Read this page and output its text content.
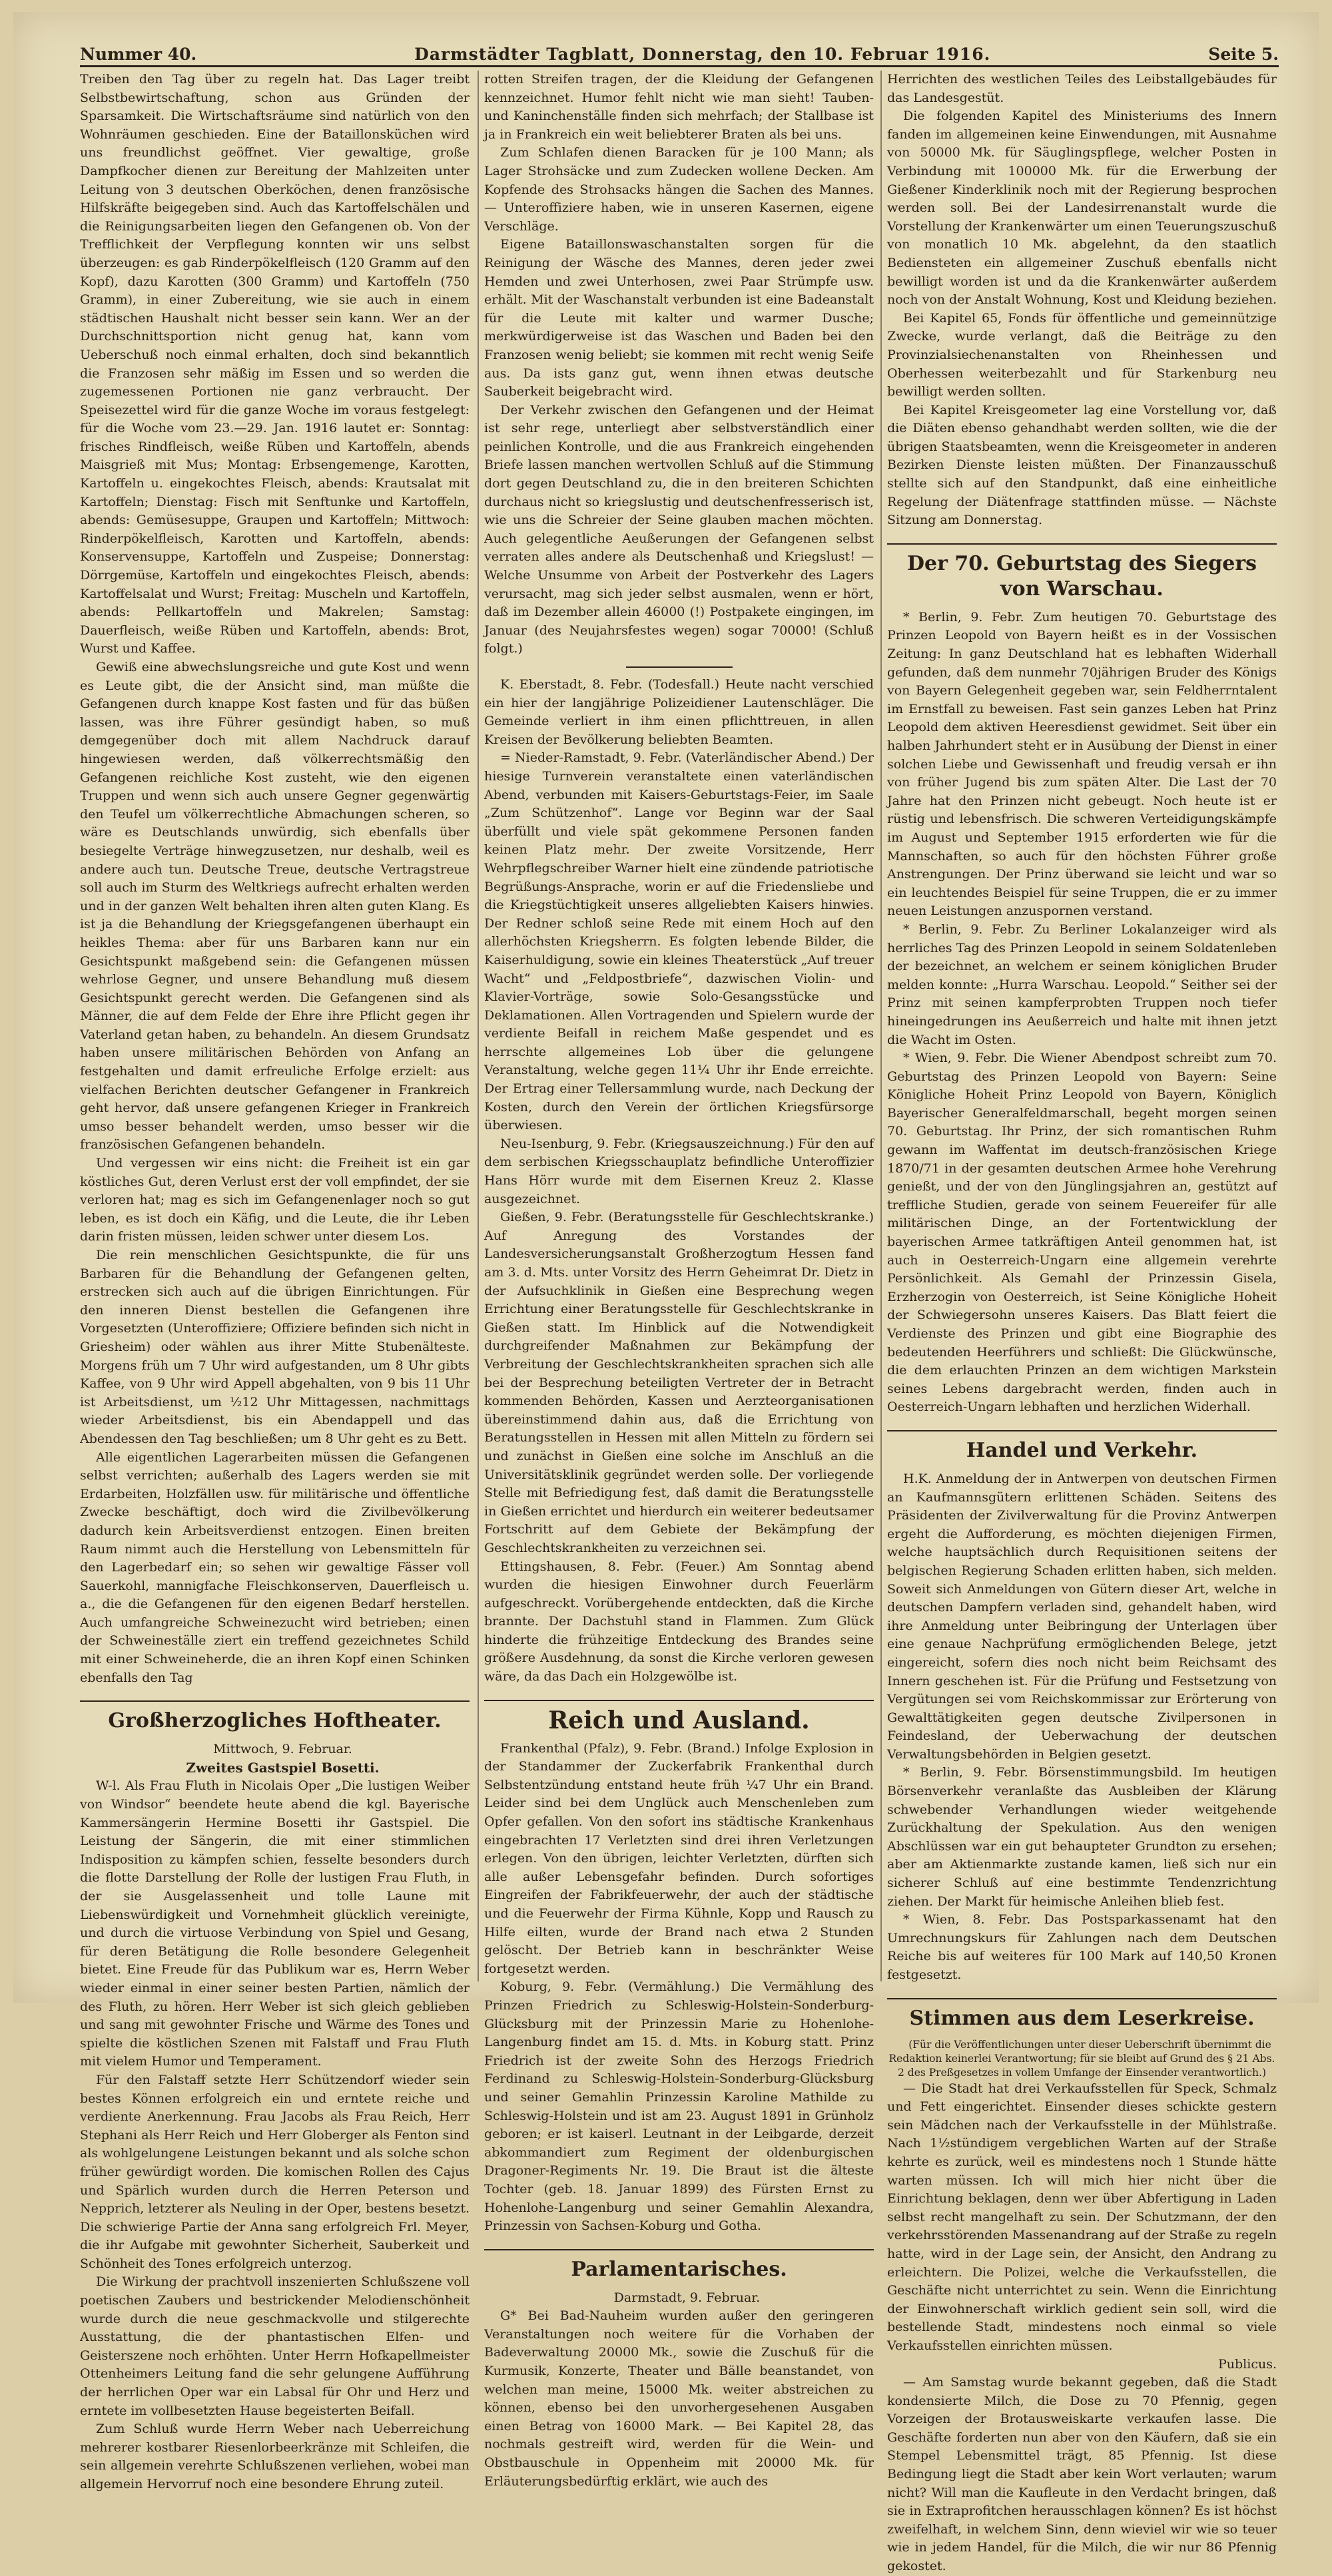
Nummer 40.	Darmstädter Tagblatt, Donnerstag, den 10. Februar 1916.	Seite 5.

Treiben den Tag über zu regeln hat. Das Lager treibt Selbstbewirtschaftung, schon aus Gründen der Sparsamkeit. Die Wirtschaftsräume sind natürlich von den Wohnräumen geschieden. Eine der Bataillonsküchen wird uns freundlichst geöffnet. Vier gewaltige, große Dampfkocher dienen zur Bereitung der Mahlzeiten unter Leitung von 3 deutschen Oberköchen, denen französische Hilfskräfte beigegeben sind. Auch das Kartoffelschälen und die Reinigungsarbeiten liegen den Gefangenen ob. Von der Trefflichkeit der Verpflegung konnten wir uns selbst überzeugen: es gab Rinderpökelfleisch (120 Gramm auf den Kopf), dazu Karotten (300 Gramm) und Kartoffeln (750 Gramm), in einer Zubereitung, wie sie auch in einem städtischen Haushalt nicht besser sein kann. Wer an der Durchschnittsportion nicht genug hat, kann vom Ueberschuß noch einmal erhalten, doch sind bekanntlich die Franzosen sehr mäßig im Essen und so werden die zugemessenen Portionen nie ganz verbraucht. Der Speisezettel wird für die ganze Woche im voraus festgelegt: für die Woche vom 23.—29. Jan. 1916 lautet er: Sonntag: frisches Rindfleisch, weiße Rüben und Kartoffeln, abends Maisgrieß mit Mus; Montag: Erbsengemenge, Karotten, Kartoffeln u. eingekochtes Fleisch, abends: Krautsalat mit Kartoffeln; Dienstag: Fisch mit Senftunke und Kartoffeln, abends: Gemüsesuppe, Graupen und Kartoffeln; Mittwoch: Rinderpökelfleisch, Karotten und Kartoffeln, abends: Konservensuppe, Kartoffeln und Zuspeise; Donnerstag: Dörrgemüse, Kartoffeln und eingekochtes Fleisch, abends: Kartoffelsalat und Wurst; Freitag: Muscheln und Kartoffeln, abends: Pellkartoffeln und Makrelen; Samstag: Dauerfleisch, weiße Rüben und Kartoffeln, abends: Brot, Wurst und Kaffee.

Gewiß eine abwechslungsreiche und gute Kost und wenn es Leute gibt, die der Ansicht sind, man müßte die Gefangenen durch knappe Kost fasten und für das büßen lassen, was ihre Führer gesündigt haben, so muß demgegenüber doch mit allem Nachdruck darauf hingewiesen werden, daß völkerrechtsmäßig den Gefangenen reichliche Kost zusteht, wie den eigenen Truppen und wenn sich auch unsere Gegner gegenwärtig den Teufel um völkerrechtliche Abmachungen scheren, so wäre es Deutschlands unwürdig, sich ebenfalls über besiegelte Verträge hinwegzusetzen, nur deshalb, weil es andere auch tun. Deutsche Treue, deutsche Vertragstreue soll auch im Sturm des Weltkriegs aufrecht erhalten werden und in der ganzen Welt behalten ihren alten guten Klang. Es ist ja die Behandlung der Kriegsgefangenen überhaupt ein heikles Thema: aber für uns Barbaren kann nur ein Gesichtspunkt maßgebend sein: die Gefangenen müssen wehrlose Gegner, und unsere Behandlung muß diesem Gesichtspunkt gerecht werden. Die Gefangenen sind als Männer, die auf dem Felde der Ehre ihre Pflicht gegen ihr Vaterland getan haben, zu behandeln. An diesem Grundsatz haben unsere militärischen Behörden von Anfang an festgehalten und damit erfreuliche Erfolge erzielt: aus vielfachen Berichten deutscher Gefangener in Frankreich geht hervor, daß unsere gefangenen Krieger in Frankreich umso besser behandelt werden, umso besser wir die französischen Gefangenen behandeln.

Und vergessen wir eins nicht: die Freiheit ist ein gar köstliches Gut, deren Verlust erst der voll empfindet, der sie verloren hat; mag es sich im Gefangenenlager noch so gut leben, es ist doch ein Käfig, und die Leute, die ihr Leben darin fristen müssen, leiden schwer unter diesem Los.

Die rein menschlichen Gesichtspunkte, die für uns Barbaren für die Behandlung der Gefangenen gelten, erstrecken sich auch auf die übrigen Einrichtungen. Für den inneren Dienst bestellen die Gefangenen ihre Vorgesetzten (Unteroffiziere; Offiziere befinden sich nicht in Griesheim) oder wählen aus ihrer Mitte Stubenälteste. Morgens früh um 7 Uhr wird aufgestanden, um 8 Uhr gibts Kaffee, von 9 Uhr wird Appell abgehalten, von 9 bis 11 Uhr ist Arbeitsdienst, um ½12 Uhr Mittagessen, nachmittags wieder Arbeitsdienst, bis ein Abendappell und das Abendessen den Tag beschließen; um 8 Uhr geht es zu Bett.

Alle eigentlichen Lagerarbeiten müssen die Gefangenen selbst verrichten; außerhalb des Lagers werden sie mit Erdarbeiten, Holzfällen usw. für militärische und öffentliche Zwecke beschäftigt, doch wird die Zivilbevölkerung dadurch kein Arbeitsverdienst entzogen. Einen breiten Raum nimmt auch die Herstellung von Lebensmitteln für den Lagerbedarf ein; so sehen wir gewaltige Fässer voll Sauerkohl, mannigfache Fleischkonserven, Dauerfleisch u. a., die die Gefangenen für den eigenen Bedarf herstellen. Auch umfangreiche Schweinezucht wird betrieben; einen der Schweineställe ziert ein treffend gezeichnetes Schild mit einer Schweineherde, die an ihren Kopf einen Schinken ebenfalls den Tag

Großherzogliches Hoftheater.

Mittwoch, 9. Februar.

Zweites Gastspiel Bosetti.

W-l. Als Frau Fluth in Nicolais Oper „Die lustigen Weiber von Windsor“ beendete heute abend die kgl. Bayerische Kammersängerin Hermine Bosetti ihr Gastspiel. Die Leistung der Sängerin, die mit einer stimmlichen Indisposition zu kämpfen schien, fesselte besonders durch die flotte Darstellung der Rolle der lustigen Frau Fluth, in der sie Ausgelassenheit und tolle Laune mit Liebenswürdigkeit und Vornehmheit glücklich vereinigte, und durch die virtuose Verbindung von Spiel und Gesang, für deren Betätigung die Rolle besondere Gelegenheit bietet. Eine Freude für das Publikum war es, Herrn Weber wieder einmal in einer seiner besten Partien, nämlich der des Fluth, zu hören. Herr Weber ist sich gleich geblieben und sang mit gewohnter Frische und Wärme des Tones und spielte die köstlichen Szenen mit Falstaff und Frau Fluth mit vielem Humor und Temperament.

Für den Falstaff setzte Herr Schützendorf wieder sein bestes Können erfolgreich ein und erntete reiche und verdiente Anerkennung. Frau Jacobs als Frau Reich, Herr Stephani als Herr Reich und Herr Globerger als Fenton sind als wohlgelungene Leistungen bekannt und als solche schon früher gewürdigt worden. Die komischen Rollen des Cajus und Spärlich wurden durch die Herren Peterson und Nepprich, letzterer als Neuling in der Oper, bestens besetzt. Die schwierige Partie der Anna sang erfolgreich Frl. Meyer, die ihr Aufgabe mit gewohnter Sicherheit, Sauberkeit und Schönheit des Tones erfolgreich unterzog.

Die Wirkung der prachtvoll inszenierten Schlußszene voll poetischen Zaubers und bestrickender Melodienschönheit wurde durch die neue geschmackvolle und stilgerechte Ausstattung, die der phantastischen Elfen- und Geisterszene noch erhöhten. Unter Herrn Hofkapellmeister Ottenheimers Leitung fand die sehr gelungene Aufführung der herrlichen Oper war ein Labsal für Ohr und Herz und erntete im vollbesetzten Hause begeisterten Beifall.

Zum Schluß wurde Herrn Weber nach Ueberreichung mehrerer kostbarer Riesenlorbeerkränze mit Schleifen, die sein allgemein verehrte Schlußszenen verliehen, wobei man allgemein Hervorruf noch eine besondere Ehrung zuteil.

rotten Streifen tragen, der die Kleidung der Gefangenen kennzeichnet. Humor fehlt nicht wie man sieht! Tauben- und Kaninchenställe finden sich mehrfach; der Stallbase ist ja in Frankreich ein weit beliebterer Braten als bei uns.

Zum Schlafen dienen Baracken für je 100 Mann; als Lager Strohsäcke und zum Zudecken wollene Decken. Am Kopfende des Strohsacks hängen die Sachen des Mannes. — Unteroffiziere haben, wie in unseren Kasernen, eigene Verschläge.

Eigene Bataillonswaschanstalten sorgen für die Reinigung der Wäsche des Mannes, deren jeder zwei Hemden und zwei Unterhosen, zwei Paar Strümpfe usw. erhält. Mit der Waschanstalt verbunden ist eine Badeanstalt für die Leute mit kalter und warmer Dusche; merkwürdigerweise ist das Waschen und Baden bei den Franzosen wenig beliebt; sie kommen mit recht wenig Seife aus. Da ists ganz gut, wenn ihnen etwas deutsche Sauberkeit beigebracht wird.

Der Verkehr zwischen den Gefangenen und der Heimat ist sehr rege, unterliegt aber selbstverständlich einer peinlichen Kontrolle, und die aus Frankreich eingehenden Briefe lassen manchen wertvollen Schluß auf die Stimmung dort gegen Deutschland zu, die in den breiteren Schichten durchaus nicht so kriegslustig und deutschenfresserisch ist, wie uns die Schreier der Seine glauben machen möchten. Auch gelegentliche Aeußerungen der Gefangenen selbst verraten alles andere als Deutschenhaß und Kriegslust! — Welche Unsumme von Arbeit der Postverkehr des Lagers verursacht, mag sich jeder selbst ausmalen, wenn er hört, daß im Dezember allein 46000 (!) Postpakete eingingen, im Januar (des Neujahrsfestes wegen) sogar 70000! (Schluß folgt.)

K. Eberstadt, 8. Febr. (Todesfall.) Heute nacht verschied ein hier der langjährige Polizeidiener Lautenschläger. Die Gemeinde verliert in ihm einen pflichttreuen, in allen Kreisen der Bevölkerung beliebten Beamten.

= Nieder-Ramstadt, 9. Febr. (Vaterländischer Abend.) Der hiesige Turnverein veranstaltete einen vaterländischen Abend, verbunden mit Kaisers-Geburtstags-Feier, im Saale „Zum Schützenhof“. Lange vor Beginn war der Saal überfüllt und viele spät gekommene Personen fanden keinen Platz mehr. Der zweite Vorsitzende, Herr Wehrpflegschreiber Warner hielt eine zündende patriotische Begrüßungs-Ansprache, worin er auf die Friedensliebe und die Kriegstüchtigkeit unseres allgeliebten Kaisers hinwies. Der Redner schloß seine Rede mit einem Hoch auf den allerhöchsten Kriegsherrn. Es folgten lebende Bilder, die Kaiserhuldigung, sowie ein kleines Theaterstück „Auf treuer Wacht“ und „Feldpostbriefe“, dazwischen Violin- und Klavier-Vorträge, sowie Solo-Gesangsstücke und Deklamationen. Allen Vortragenden und Spielern wurde der verdiente Beifall in reichem Maße gespendet und es herrschte allgemeines Lob über die gelungene Veranstaltung, welche gegen 11¼ Uhr ihr Ende erreichte. Der Ertrag einer Tellersammlung wurde, nach Deckung der Kosten, durch den Verein der örtlichen Kriegsfürsorge überwiesen.

Neu-Isenburg, 9. Febr. (Kriegsauszeichnung.) Für den auf dem serbischen Kriegsschauplatz befindliche Unteroffizier Hans Hörr wurde mit dem Eisernen Kreuz 2. Klasse ausgezeichnet.

Gießen, 9. Febr. (Beratungsstelle für Geschlechtskranke.) Auf Anregung des Vorstandes der Landesversicherungsanstalt Großherzogtum Hessen fand am 3. d. Mts. unter Vorsitz des Herrn Geheimrat Dr. Dietz in der Aufsuchklinik in Gießen eine Besprechung wegen Errichtung einer Beratungsstelle für Geschlechtskranke in Gießen statt. Im Hinblick auf die Notwendigkeit durchgreifender Maßnahmen zur Bekämpfung der Verbreitung der Geschlechtskrankheiten sprachen sich alle bei der Besprechung beteiligten Vertreter der in Betracht kommenden Behörden, Kassen und Aerzteorganisationen übereinstimmend dahin aus, daß die Errichtung von Beratungsstellen in Hessen mit allen Mitteln zu fördern sei und zunächst in Gießen eine solche im Anschluß an die Universitätsklinik gegründet werden solle. Der vorliegende Stelle mit Befriedigung fest, daß damit die Beratungsstelle in Gießen errichtet und hierdurch ein weiterer bedeutsamer Fortschritt auf dem Gebiete der Bekämpfung der Geschlechtskrankheiten zu verzeichnen sei.

Ettingshausen, 8. Febr. (Feuer.) Am Sonntag abend wurden die hiesigen Einwohner durch Feuerlärm aufgeschreckt. Vorübergehende entdeckten, daß die Kirche brannte. Der Dachstuhl stand in Flammen. Zum Glück hinderte die frühzeitige Entdeckung des Brandes seine größere Ausdehnung, da sonst die Kirche verloren gewesen wäre, da das Dach ein Holzgewölbe ist.

Reich und Ausland.

Frankenthal (Pfalz), 9. Febr. (Brand.) Infolge Explosion in der Standammer der Zuckerfabrik Frankenthal durch Selbstentzündung entstand heute früh ¼7 Uhr ein Brand. Leider sind bei dem Unglück auch Menschenleben zum Opfer gefallen. Von den sofort ins städtische Krankenhaus eingebrachten 17 Verletzten sind drei ihren Verletzungen erlegen. Von den übrigen, leichter Verletzten, dürften sich alle außer Lebensgefahr befinden. Durch sofortiges Eingreifen der Fabrikfeuerwehr, der auch der städtische und die Feuerwehr der Firma Kühnle, Kopp und Rausch zu Hilfe eilten, wurde der Brand nach etwa 2 Stunden gelöscht. Der Betrieb kann in beschränkter Weise fortgesetzt werden.

Koburg, 9. Febr. (Vermählung.) Die Vermählung des Prinzen Friedrich zu Schleswig-Holstein-Sonderburg-Glücksburg mit der Prinzessin Marie zu Hohenlohe-Langenburg findet am 15. d. Mts. in Koburg statt. Prinz Friedrich ist der zweite Sohn des Herzogs Friedrich Ferdinand zu Schleswig-Holstein-Sonderburg-Glücksburg und seiner Gemahlin Prinzessin Karoline Mathilde zu Schleswig-Holstein und ist am 23. August 1891 in Grünholz geboren; er ist kaiserl. Leutnant in der Leibgarde, derzeit abkommandiert zum Regiment der oldenburgischen Dragoner-Regiments Nr. 19. Die Braut ist die älteste Tochter (geb. 18. Januar 1899) des Fürsten Ernst zu Hohenlohe-Langenburg und seiner Gemahlin Alexandra, Prinzessin von Sachsen-Koburg und Gotha.

Parlamentarisches.

Darmstadt, 9. Februar.

G* Bei Bad-Nauheim wurden außer den geringeren Veranstaltungen noch weitere für die Vorhaben der Badeverwaltung 20000 Mk., sowie die Zuschuß für die Kurmusik, Konzerte, Theater und Bälle beanstandet, von welchen man meine, 15000 Mk. weiter abstreichen zu können, ebenso bei den unvorhergesehenen Ausgaben einen Betrag von 16000 Mark. — Bei Kapitel 28, das nochmals gestreift wird, werden für die Wein- und Obstbauschule in Oppenheim mit 20000 Mk. für Erläuterungsbedürftig erklärt, wie auch des

Herrichten des westlichen Teiles des Leibstallgebäudes für das Landesgestüt.

Die folgenden Kapitel des Ministeriums des Innern fanden im allgemeinen keine Einwendungen, mit Ausnahme von 50000 Mk. für Säuglingspflege, welcher Posten in Verbindung mit 100000 Mk. für die Erwerbung der Gießener Kinderklinik noch mit der Regierung besprochen werden soll. Bei der Landesirrenanstalt wurde die Vorstellung der Krankenwärter um einen Teuerungszuschuß von monatlich 10 Mk. abgelehnt, da den staatlich Bediensteten ein allgemeiner Zuschuß ebenfalls nicht bewilligt worden ist und da die Krankenwärter außerdem noch von der Anstalt Wohnung, Kost und Kleidung beziehen.

Bei Kapitel 65, Fonds für öffentliche und gemeinnützige Zwecke, wurde verlangt, daß die Beiträge zu den Provinzialsiechenanstalten von Rheinhessen und Oberhessen weiterbezahlt und für Starkenburg neu bewilligt werden sollten.

Bei Kapitel Kreisgeometer lag eine Vorstellung vor, daß die Diäten ebenso gehandhabt werden sollten, wie die der übrigen Staatsbeamten, wenn die Kreisgeometer in anderen Bezirken Dienste leisten müßten. Der Finanzausschuß stellte sich auf den Standpunkt, daß eine einheitliche Regelung der Diätenfrage stattfinden müsse. — Nächste Sitzung am Donnerstag.

Der 70. Geburtstag des Siegers von Warschau.

* Berlin, 9. Febr. Zum heutigen 70. Geburtstage des Prinzen Leopold von Bayern heißt es in der Vossischen Zeitung: In ganz Deutschland hat es lebhaften Widerhall gefunden, daß dem nunmehr 70jährigen Bruder des Königs von Bayern Gelegenheit gegeben war, sein Feldherrntalent im Ernstfall zu beweisen. Fast sein ganzes Leben hat Prinz Leopold dem aktiven Heeresdienst gewidmet. Seit über ein halben Jahrhundert steht er in Ausübung der Dienst in einer solchen Liebe und Gewissenhaft und freudig versah er ihn von früher Jugend bis zum späten Alter. Die Last der 70 Jahre hat den Prinzen nicht gebeugt. Noch heute ist er rüstig und lebensfrisch. Die schweren Verteidigungskämpfe im August und September 1915 erforderten wie für die Mannschaften, so auch für den höchsten Führer große Anstrengungen. Der Prinz überwand sie leicht und war so ein leuchtendes Beispiel für seine Truppen, die er zu immer neuen Leistungen anzuspornen verstand.

* Berlin, 9. Febr. Zu Berliner Lokalanzeiger wird als herrliches Tag des Prinzen Leopold in seinem Soldatenleben der bezeichnet, an welchem er seinem königlichen Bruder melden konnte: „Hurra Warschau. Leopold.“ Seither sei der Prinz mit seinen kampferprobten Truppen noch tiefer hineingedrungen ins Aeußerreich und halte mit ihnen jetzt die Wacht im Osten.

* Wien, 9. Febr. Die Wiener Abendpost schreibt zum 70. Geburtstag des Prinzen Leopold von Bayern: Seine Königliche Hoheit Prinz Leopold von Bayern, Königlich Bayerischer Generalfeldmarschall, begeht morgen seinen 70. Geburtstag. Ihr Prinz, der sich romantischen Ruhm gewann im Waffentat im deutsch-französischen Kriege 1870/71 in der gesamten deutschen Armee hohe Verehrung genießt, und der von den Jünglingsjahren an, gestützt auf treffliche Studien, gerade von seinem Feuereifer für alle militärischen Dinge, an der Fortentwicklung der bayerischen Armee tatkräftigen Anteil genommen hat, ist auch in Oesterreich-Ungarn eine allgemein verehrte Persönlichkeit. Als Gemahl der Prinzessin Gisela, Erzherzogin von Oesterreich, ist Seine Königliche Hoheit der Schwiegersohn unseres Kaisers. Das Blatt feiert die Verdienste des Prinzen und gibt eine Biographie des bedeutenden Heerführers und schließt: Die Glückwünsche, die dem erlauchten Prinzen an dem wichtigen Markstein seines Lebens dargebracht werden, finden auch in Oesterreich-Ungarn lebhaften und herzlichen Widerhall.

Handel und Verkehr.

H.K. Anmeldung der in Antwerpen von deutschen Firmen an Kaufmannsgütern erlittenen Schäden. Seitens des Präsidenten der Zivilverwaltung für die Provinz Antwerpen ergeht die Aufforderung, es möchten diejenigen Firmen, welche hauptsächlich durch Requisitionen seitens der belgischen Regierung Schaden erlitten haben, sich melden. Soweit sich Anmeldungen von Gütern dieser Art, welche in deutschen Dampfern verladen sind, gehandelt haben, wird ihre Anmeldung unter Beibringung der Unterlagen über eine genaue Nachprüfung ermöglichenden Belege, jetzt eingereicht, sofern dies noch nicht beim Reichsamt des Innern geschehen ist. Für die Prüfung und Festsetzung von Vergütungen sei vom Reichskommissar zur Erörterung von Gewalttätigkeiten gegen deutsche Zivilpersonen in Feindesland, der Ueberwachung der deutschen Verwaltungsbehörden in Belgien gesetzt.

* Berlin, 9. Febr. Börsenstimmungsbild. Im heutigen Börsenverkehr veranlaßte das Ausbleiben der Klärung schwebender Verhandlungen wieder weitgehende Zurückhaltung der Spekulation. Aus den wenigen Abschlüssen war ein gut behaupteter Grundton zu ersehen; aber am Aktienmarkte zustande kamen, ließ sich nur ein sicherer Schluß auf eine bestimmte Tendenzrichtung ziehen. Der Markt für heimische Anleihen blieb fest.

* Wien, 8. Febr. Das Postsparkassenamt hat den Umrechnungskurs für Zahlungen nach dem Deutschen Reiche bis auf weiteres für 100 Mark auf 140,50 Kronen festgesetzt.

Stimmen aus dem Leserkreise.

(Für die Veröffentlichungen unter dieser Ueberschrift übernimmt die Redaktion keinerlei Verantwortung; für sie bleibt auf Grund des § 21 Abs. 2 des Preßgesetzes in vollem Umfange der Einsender verantwortlich.)

— Die Stadt hat drei Verkaufsstellen für Speck, Schmalz und Fett eingerichtet. Einsender dieses schickte gestern sein Mädchen nach der Verkaufsstelle in der Mühlstraße. Nach 1½stündigem vergeblichen Warten auf der Straße kehrte es zurück, weil es mindestens noch 1 Stunde hätte warten müssen. Ich will mich hier nicht über die Einrichtung beklagen, denn wer über Abfertigung in Laden selbst recht mangelhaft zu sein. Der Schutzmann, der den verkehrsstörenden Massenandrang auf der Straße zu regeln hatte, wird in der Lage sein, der Ansicht, den Andrang zu erleichtern. Die Polizei, welche die Verkaufsstellen, die Geschäfte nicht unterrichtet zu sein. Wenn die Einrichtung der Einwohnerschaft wirklich gedient sein soll, wird die bestellende Stadt, mindestens noch einmal so viele Verkaufsstellen einrichten müssen.

Publicus.

— Am Samstag wurde bekannt gegeben, daß die Stadt kondensierte Milch, die Dose zu 70 Pfennig, gegen Vorzeigen der Brotausweiskarte verkaufen lasse. Die Geschäfte forderten nun aber von den Käufern, daß sie ein Stempel Lebensmittel trägt, 85 Pfennig. Ist diese Bedingung liegt die Stadt aber kein Wort verlauten; warum nicht? Will man die Kaufleute in den Verdacht bringen, daß sie in Extraprofitchen herausschlagen können? Es ist höchst zweifelhaft, in welchem Sinn, denn wieviel wir wie so teuer wie in jedem Handel, für die Milch, die wir nur 86 Pfennig gekostet.
